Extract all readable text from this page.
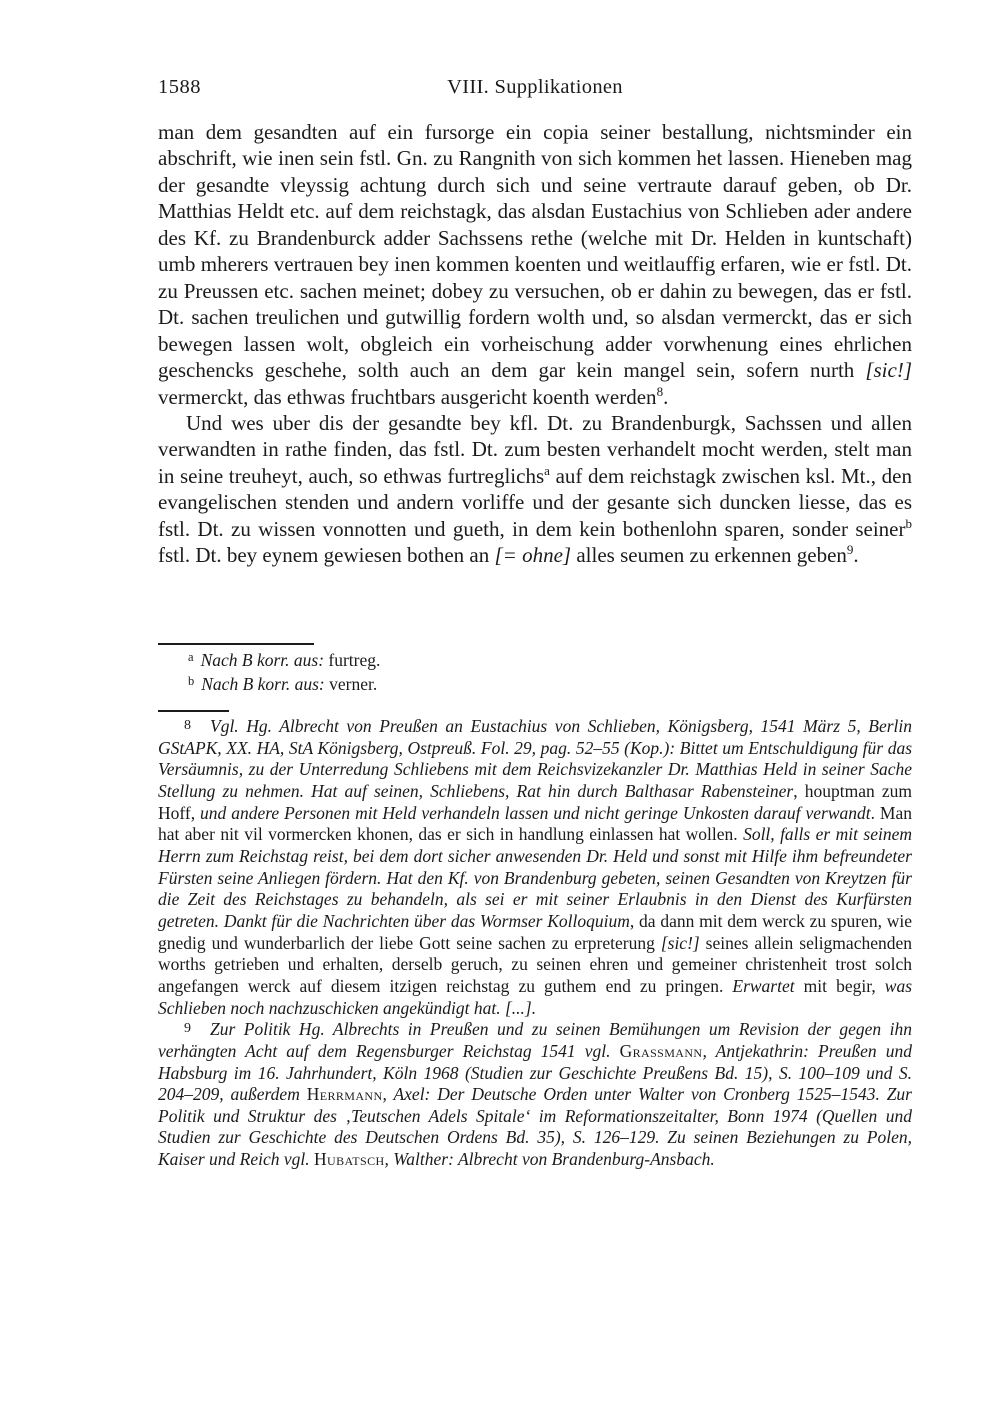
1588	VIII. Supplikationen

man dem gesandten auf ein fursorge ein copia seiner bestallung, nichtsminder ein abschrift, wie inen sein fstl. Gn. zu Rangnith von sich kommen het lassen. Hieneben mag der gesandte vleyssig achtung durch sich und seine vertraute darauf geben, ob Dr. Matthias Heldt etc. auf dem reichstagk, das alsdan Eustachius von Schlieben ader andere des Kf. zu Brandenburck adder Sachssens rethe (welche mit Dr. Helden in kuntschaft) umb mherers vertrauen bey inen kommen koenten und weitlauffig erfaren, wie er fstl. Dt. zu Preussen etc. sachen meinet; dobey zu versuchen, ob er dahin zu bewegen, das er fstl. Dt. sachen treulichen und gutwillig fordern wolth und, so alsdan vermerckt, das er sich bewegen lassen wolt, obgleich ein vorheischung adder vorwhenung eines ehrlichen geschencks geschehe, solth auch an dem gar kein mangel sein, sofern nurth [sic!] vermerckt, das ethwas fruchtbars ausgericht koenth werden$^8$.

Und wes uber dis der gesandte bey kfl. Dt. zu Brandenburgk, Sachssen und allen verwandten in rathe finden, das fstl. Dt. zum besten verhandelt mocht werden, stelt man in seine treuheyt, auch, so ethwas furtreglichs$^a$ auf dem reichstagk zwischen ksl. Mt., den evangelischen stenden und andern vorliffe und der gesante sich duncken liesse, das es fstl. Dt. zu wissen vonnotten und gueth, in dem kein bothenlohn sparen, sonder seiner$^b$ fstl. Dt. bey eynem gewiesen bothen an [= ohne] alles seumen zu erkennen geben$^9$.

$^a$ Nach B korr. aus: furtreg.

$^b$ Nach B korr. aus: verner.

$^8$ Vgl. Hg. Albrecht von Preußen an Eustachius von Schlieben, Königsberg, 1541 März 5, Berlin GStAPK, XX. HA, StA Königsberg, Ostpreuß. Fol. 29, pag. 52–55 (Kop.): Bittet um Entschuldigung für das Versäumnis, zu der Unterredung Schliebens mit dem Reichsvizekanzler Dr. Matthias Held in seiner Sache Stellung zu nehmen. Hat auf seinen, Schliebens, Rat hin durch Balthasar Rabensteiner, houptman zum Hoff, und andere Personen mit Held verhandeln lassen und nicht geringe Unkosten darauf verwandt. Man hat aber nit vil vormercken khonen, das er sich in handlung einlassen hat wollen. Soll, falls er mit seinem Herrn zum Reichstag reist, bei dem dort sicher anwesenden Dr. Held und sonst mit Hilfe ihm befreundeter Fürsten seine Anliegen fördern. Hat den Kf. von Brandenburg gebeten, seinen Gesandten von Kreytzen für die Zeit des Reichstages zu behandeln, als sei er mit seiner Erlaubnis in den Dienst des Kurfürsten getreten. Dankt für die Nachrichten über das Wormser Kolloquium, da dann mit dem werck zu spuren, wie gnedig und wunderbarlich der liebe Gott seine sachen zu erpreterung [sic!] seines allein seligmachenden worths getrieben und erhalten, derselb geruch, zu seinen ehren und gemeiner christenheit trost solch angefangen werck auf diesem itzigen reichstag zu guthem end zu pringen. Erwartet mit begir, was Schlieben noch nachzuschicken angekündigt hat. [...].

$^9$ Zur Politik Hg. Albrechts in Preußen und zu seinen Bemühungen um Revision der gegen ihn verhängten Acht auf dem Regensburger Reichstag 1541 vgl. Grassmann, Antjekathrin: Preußen und Habsburg im 16. Jahrhundert, Köln 1968 (Studien zur Geschichte Preußens Bd. 15), S. 100–109 und S. 204–209, außerdem Herrmann, Axel: Der Deutsche Orden unter Walter von Cronberg 1525–1543. Zur Politik und Struktur des ‚Teutschen Adels Spitale‘ im Reformationszeitalter, Bonn 1974 (Quellen und Studien zur Geschichte des Deutschen Ordens Bd. 35), S. 126–129. Zu seinen Beziehungen zu Polen, Kaiser und Reich vgl. Hubatsch, Walther: Albrecht von Brandenburg-Ansbach.
